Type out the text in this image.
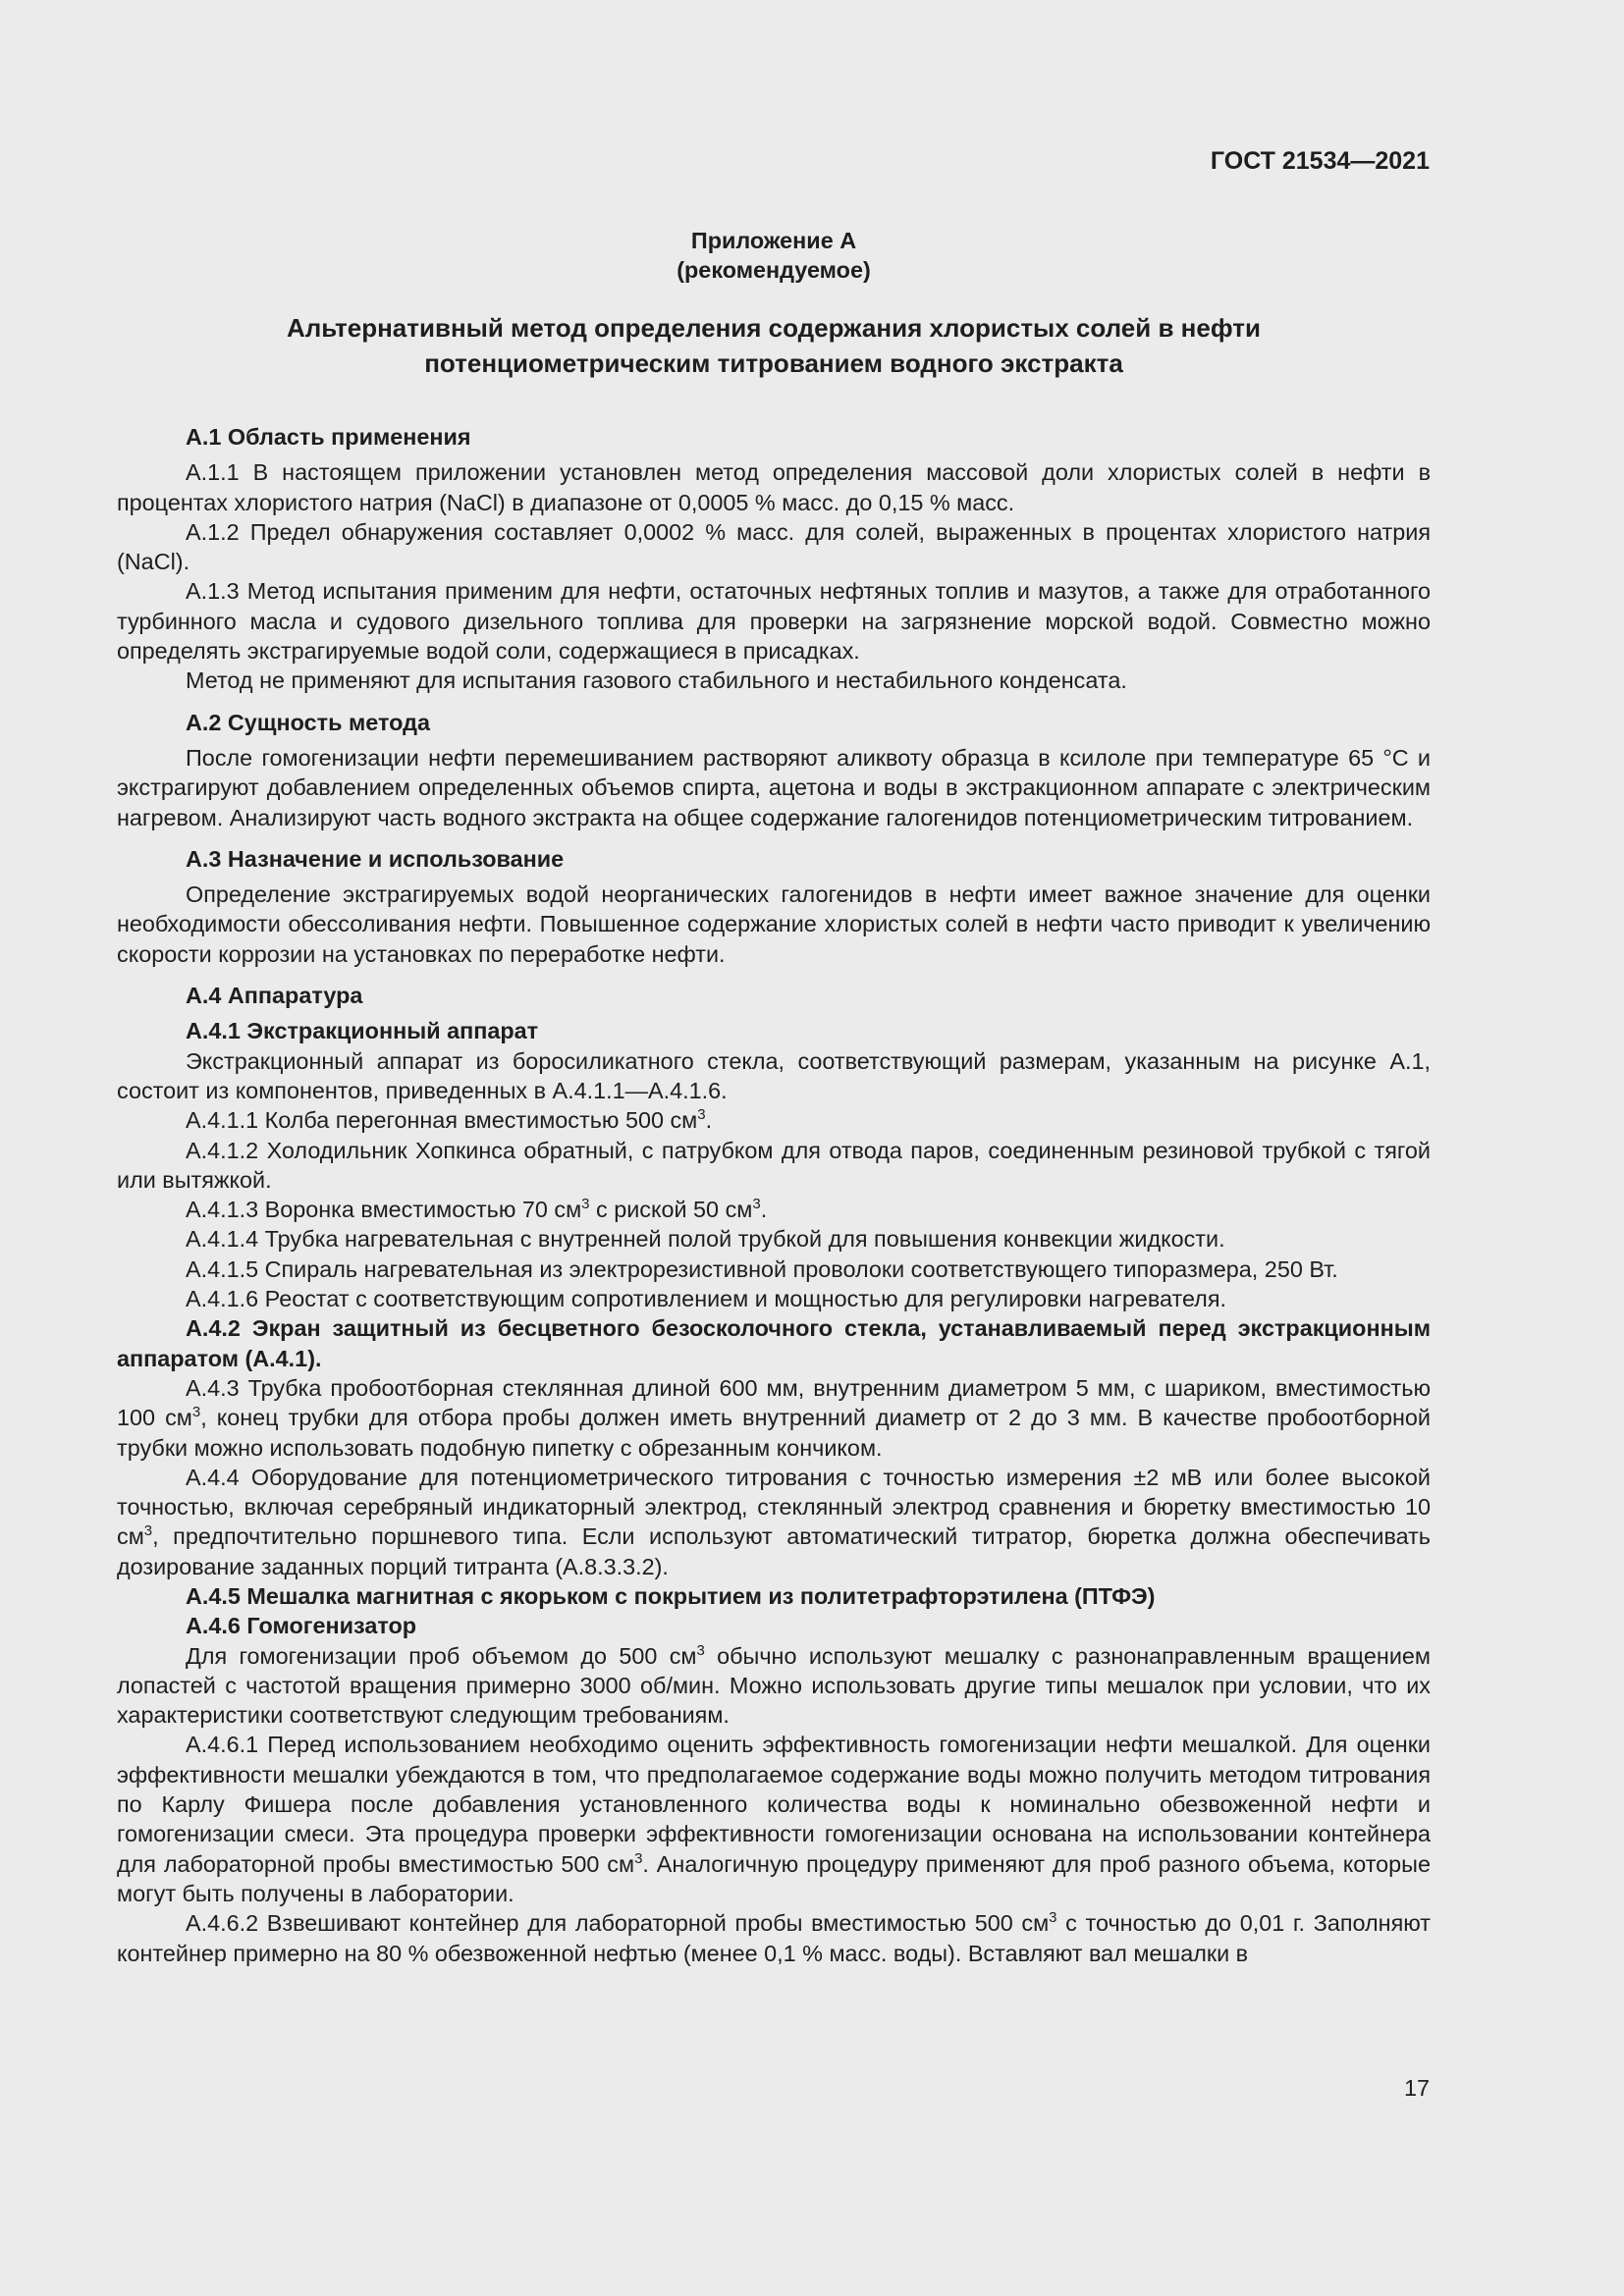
ГОСТ 21534—2021
Приложение А
(рекомендуемое)
Альтернативный метод определения содержания хлористых солей в нефти
потенциометрическим титрованием водного экстракта
А.1 Область применения

А.1.1 В настоящем приложении установлен метод определения массовой доли хлористых солей в нефти в процентах хлористого натрия (NaCl) в диапазоне от 0,0005 % масс. до 0,15 % масс.

А.1.2 Предел обнаружения составляет 0,0002 % масс. для солей, выраженных в процентах хлористого натрия (NaCl).

А.1.3 Метод испытания применим для нефти, остаточных нефтяных топлив и мазутов, а также для отработанного турбинного масла и судового дизельного топлива для проверки на загрязнение морской водой. Совместно можно определять экстрагируемые водой соли, содержащиеся в присадках.

Метод не применяют для испытания газового стабильного и нестабильного конденсата.

А.2 Сущность метода

После гомогенизации нефти перемешиванием растворяют аликвоту образца в ксилоле при температуре 65 °С и экстрагируют добавлением определенных объемов спирта, ацетона и воды в экстракционном аппарате с электрическим нагревом. Анализируют часть водного экстракта на общее содержание галогенидов потенциометрическим титрованием.

А.3 Назначение и использование

Определение экстрагируемых водой неорганических галогенидов в нефти имеет важное значение для оценки необходимости обессоливания нефти. Повышенное содержание хлористых солей в нефти часто приводит к увеличению скорости коррозии на установках по переработке нефти.

А.4 Аппаратура
А.4.1 Экстракционный аппарат

Экстракционный аппарат из боросиликатного стекла, соответствующий размерам, указанным на рисунке А.1, состоит из компонентов, приведенных в А.4.1.1—А.4.1.6.

А.4.1.1 Колба перегонная вместимостью 500 $см^3$.

А.4.1.2 Холодильник Хопкинса обратный, с патрубком для отвода паров, соединенным резиновой трубкой с тягой или вытяжкой.

А.4.1.3 Воронка вместимостью 70 $см^3$ с риской 50 $см^3$.

А.4.1.4 Трубка нагревательная с внутренней полой трубкой для повышения конвекции жидкости.

А.4.1.5 Спираль нагревательная из электрорезистивной проволоки соответствующего типоразмера, 250 Вт.

А.4.1.6 Реостат с соответствующим сопротивлением и мощностью для регулировки нагревателя.

А.4.2 Экран защитный из бесцветного безосколочного стекла, устанавливаемый перед экстракционным аппаратом (А.4.1).

А.4.3 Трубка пробоотборная стеклянная длиной 600 мм, внутренним диаметром 5 мм, с шариком, вместимостью 100 $см^3$, конец трубки для отбора пробы должен иметь внутренний диаметр от 2 до 3 мм. В качестве пробоотборной трубки можно использовать подобную пипетку с обрезанным кончиком.

А.4.4 Оборудование для потенциометрического титрования с точностью измерения ±2 мВ или более высокой точностью, включая серебряный индикаторный электрод, стеклянный электрод сравнения и бюретку вместимостью 10 $см^3$, предпочтительно поршневого типа. Если используют автоматический титратор, бюретка должна обеспечивать дозирование заданных порций титранта (А.8.3.3.2).

А.4.5 Мешалка магнитная с якорьком с покрытием из политетрафторэтилена (ПТФЭ)

А.4.6 Гомогенизатор

Для гомогенизации проб объемом до 500 $см^3$ обычно используют мешалку с разнонаправленным вращением лопастей с частотой вращения примерно 3000 об/мин. Можно использовать другие типы мешалок при условии, что их характеристики соответствуют следующим требованиям.

А.4.6.1 Перед использованием необходимо оценить эффективность гомогенизации нефти мешалкой. Для оценки эффективности мешалки убеждаются в том, что предполагаемое содержание воды можно получить методом титрования по Карлу Фишера после добавления установленного количества воды к номинально обезвоженной нефти и гомогенизации смеси. Эта процедура проверки эффективности гомогенизации основана на использовании контейнера для лабораторной пробы вместимостью 500 $см^3$. Аналогичную процедуру применяют для проб разного объема, которые могут быть получены в лаборатории.

А.4.6.2 Взвешивают контейнер для лабораторной пробы вместимостью 500 $см^3$ с точностью до 0,01 г. Заполняют контейнер примерно на 80 % обезвоженной нефтью (менее 0,1 % масс. воды). Вставляют вал мешалки в

17
